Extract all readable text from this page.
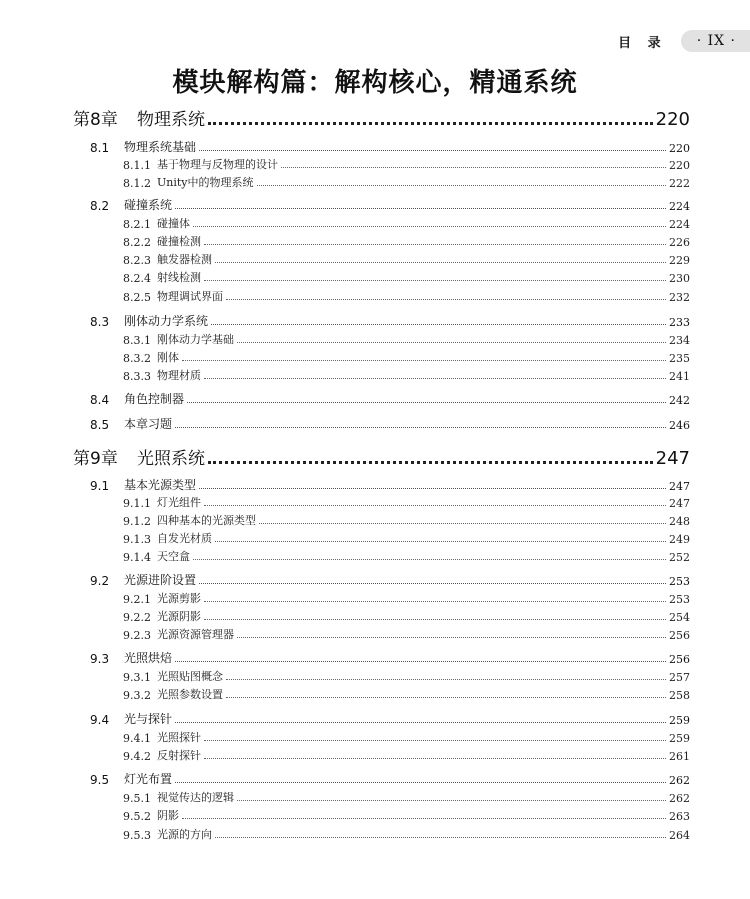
目 录	· IX ·
模块解构篇：解构核心，精通系统
第8章	物理系统	220
8.1	物理系统基础	220
8.1.1 基于物理与反物理的设计	220
8.1.2 Unity中的物理系统	222
8.2	碰撞系统	224
8.2.1 碰撞体	224
8.2.2 碰撞检测	226
8.2.3 触发器检测	229
8.2.4 射线检测	230
8.2.5 物理调试界面	232
8.3	刚体动力学系统	233
8.3.1 刚体动力学基础	234
8.3.2 刚体	235
8.3.3 物理材质	241
8.4	角色控制器	242
8.5	本章习题	246
第9章	光照系统	247
9.1	基本光源类型	247
9.1.1 灯光组件	247
9.1.2 四种基本的光源类型	248
9.1.3 自发光材质	249
9.1.4 天空盒	252
9.2	光源进阶设置	253
9.2.1 光源剪影	253
9.2.2 光源阴影	254
9.2.3 光源资源管理器	256
9.3	光照烘焙	256
9.3.1 光照贴图概念	257
9.3.2 光照参数设置	258
9.4	光与探针	259
9.4.1 光照探针	259
9.4.2 反射探针	261
9.5	灯光布置	262
9.5.1 视觉传达的逻辑	262
9.5.2 阴影	263
9.5.3 光源的方向	264
